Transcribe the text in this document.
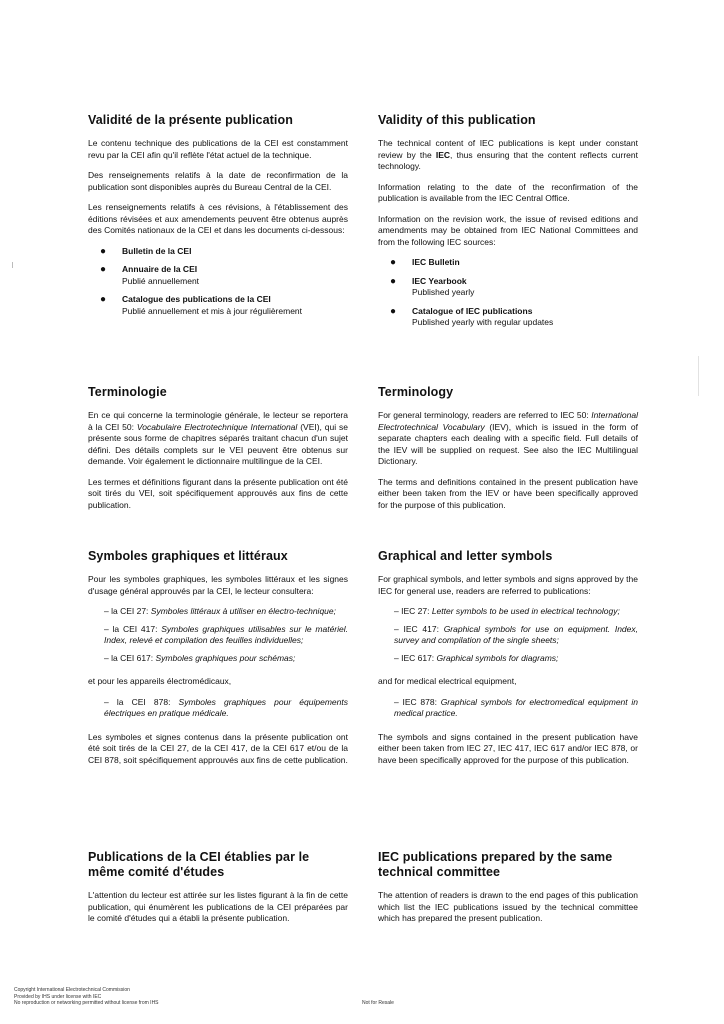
Validité de la présente publication

Le contenu technique des publications de la CEI est constamment revu par la CEI afin qu'il reflète l'état actuel de la technique.

Des renseignements relatifs à la date de reconfirmation de la publication sont disponibles auprès du Bureau Central de la CEI.

Les renseignements relatifs à ces révisions, à l'établissement des éditions révisées et aux amendements peuvent être obtenus auprès des Comités nationaux de la CEI et dans les documents ci-dessous:

● Bulletin de la CEI
● Annuaire de la CEI
Publié annuellement
● Catalogue des publications de la CEI
Publié annuellement et mis à jour régulièrement
Terminologie

En ce qui concerne la terminologie générale, le lecteur se reportera à la CEI 50: Vocabulaire Electrotechnique International (VEI), qui se présente sous forme de chapitres séparés traitant chacun d'un sujet défini. Des détails complets sur le VEI peuvent être obtenus sur demande. Voir également le dictionnaire multilingue de la CEI.

Les termes et définitions figurant dans la présente publication ont été soit tirés du VEI, soit spécifiquement approuvés aux fins de cette publication.

Symboles graphiques et littéraux

Pour les symboles graphiques, les symboles littéraux et les signes d'usage général approuvés par la CEI, le lecteur consultera:

– la CEI 27: Symboles littéraux à utiliser en électro-technique;
– la CEI 417: Symboles graphiques utilisables sur le matériel. Index, relevé et compilation des feuilles individuelles;
– la CEI 617: Symboles graphiques pour schémas;

et pour les appareils électromédicaux,

– la CEI 878: Symboles graphiques pour équipements électriques en pratique médicale.

Les symboles et signes contenus dans la présente publication ont été soit tirés de la CEI 27, de la CEI 417, de la CEI 617 et/ou de la CEI 878, soit spécifiquement approuvés aux fins de cette publication.

Publications de la CEI établies par le même comité d'études

L'attention du lecteur est attirée sur les listes figurant à la fin de cette publication, qui énumèrent les publications de la CEI préparées par le comité d'études qui a établi la présente publication.

Validity of this publication

The technical content of IEC publications is kept under constant review by the IEC, thus ensuring that the content reflects current technology.

Information relating to the date of the reconfirmation of the publication is available from the IEC Central Office.

Information on the revision work, the issue of revised editions and amendments may be obtained from IEC National Committees and from the following IEC sources:

● IEC Bulletin
● IEC Yearbook
Published yearly
● Catalogue of IEC publications
Published yearly with regular updates
Terminology

For general terminology, readers are referred to IEC 50: International Electrotechnical Vocabulary (IEV), which is issued in the form of separate chapters each dealing with a specific field. Full details of the IEV will be supplied on request. See also the IEC Multilingual Dictionary.

The terms and definitions contained in the present publication have either been taken from the IEV or have been specifically approved for the purpose of this publication.

Graphical and letter symbols

For graphical symbols, and letter symbols and signs approved by the IEC for general use, readers are referred to publications:

– IEC 27: Letter symbols to be used in electrical technology;
– IEC 417: Graphical symbols for use on equipment. Index, survey and compilation of the single sheets;
– IEC 617: Graphical symbols for diagrams;

and for medical electrical equipment,

– IEC 878: Graphical symbols for electromedical equipment in medical practice.

The symbols and signs contained in the present publication have either been taken from IEC 27, IEC 417, IEC 617 and/or IEC 878, or have been specifically approved for the purpose of this publication.

IEC publications prepared by the same technical committee

The attention of readers is drawn to the end pages of this publication which list the IEC publications issued by the technical committee which has prepared the present publication.

Copyright International Electrotechnical Commission
Provided by IHS under license with IEC
No reproduction or networking permitted without license from IHS	Not for Resale
